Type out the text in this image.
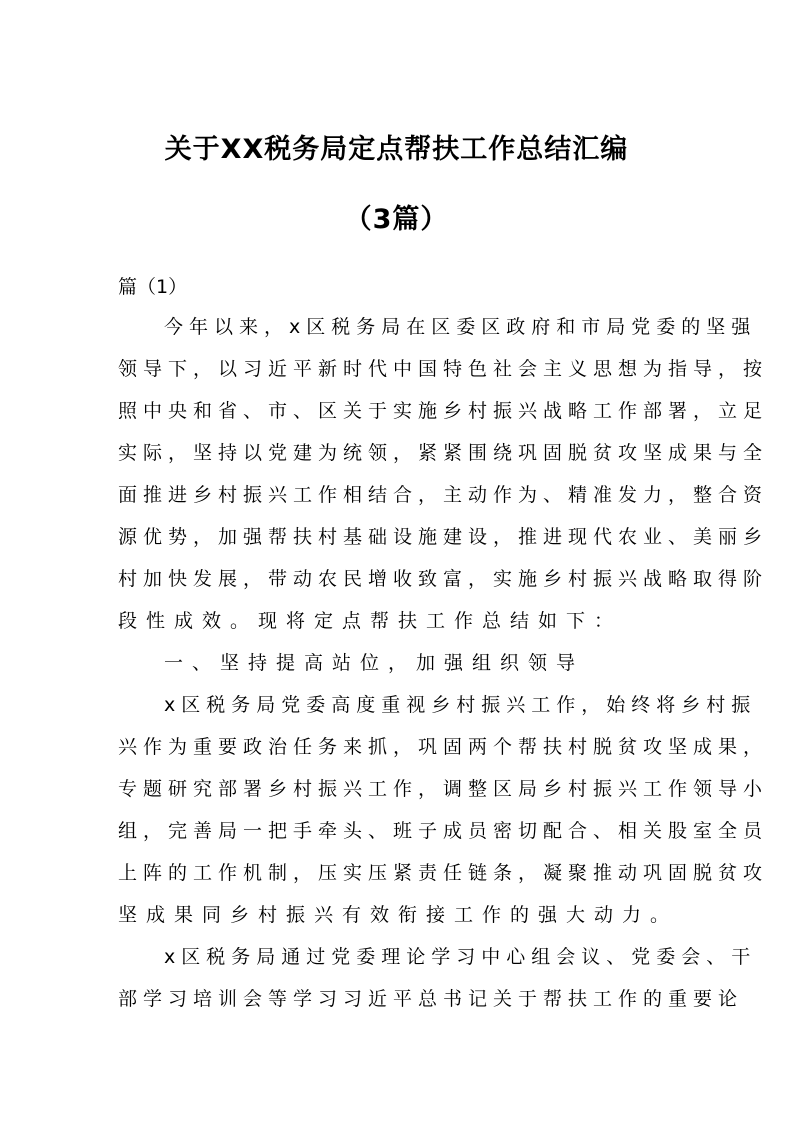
关于XX税务局定点帮扶工作总结汇编
（3篇）
篇（1）
今年以来，x区税务局在区委区政府和市局党委的坚强
领导下，以习近平新时代中国特色社会主义思想为指导，按
照中央和省、市、区关于实施乡村振兴战略工作部署，立足
实际，坚持以党建为统领，紧紧围绕巩固脱贫攻坚成果与全
面推进乡村振兴工作相结合，主动作为、精准发力，整合资
源优势，加强帮扶村基础设施建设，推进现代农业、美丽乡
村加快发展，带动农民增收致富，实施乡村振兴战略取得阶
段性成效。现将定点帮扶工作总结如下：
一、坚持提高站位，加强组织领导
x区税务局党委高度重视乡村振兴工作，始终将乡村振
兴作为重要政治任务来抓，巩固两个帮扶村脱贫攻坚成果，
专题研究部署乡村振兴工作，调整区局乡村振兴工作领导小
组，完善局一把手牵头、班子成员密切配合、相关股室全员
上阵的工作机制，压实压紧责任链条，凝聚推动巩固脱贫攻
坚成果同乡村振兴有效衔接工作的强大动力。
x区税务局通过党委理论学习中心组会议、党委会、干
部学习培训会等学习习近平总书记关于帮扶工作的重要论
